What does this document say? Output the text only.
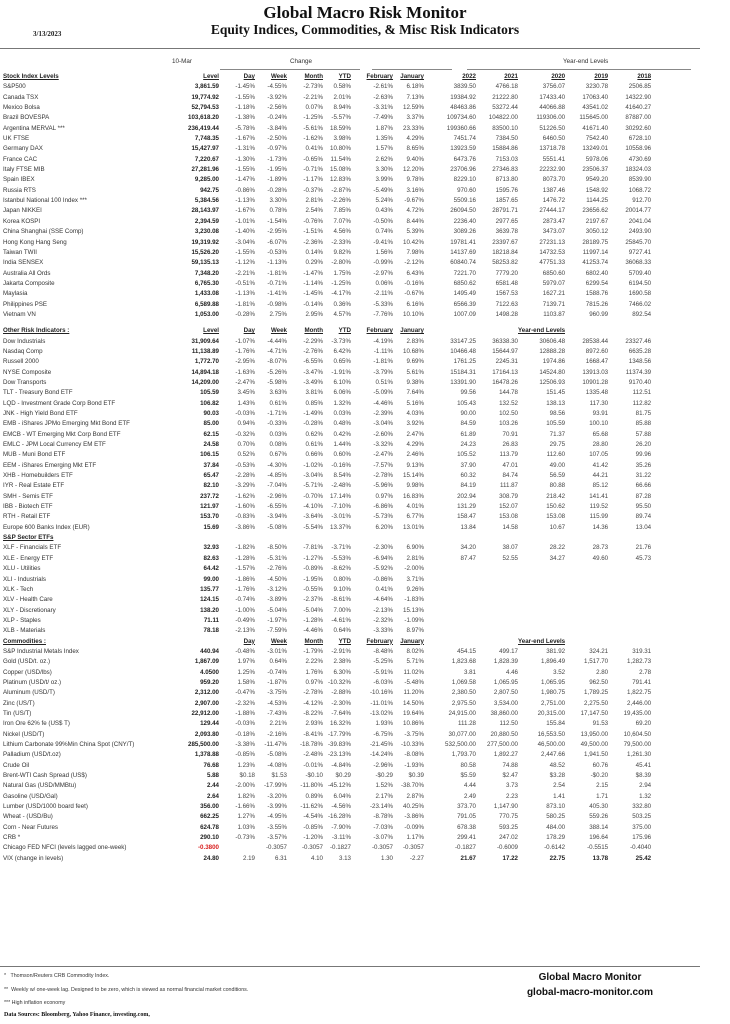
Global Macro Risk Monitor
Equity Indices, Commodities, & Misc Risk Indicators
3/13/2023
10-Mar	Change	Year-end Levels
Stock Index Levels	Level	Day	Week	Month	YTD	February	January	2022	2021	2020	2019	2018
S&P500	3,861.59	-1.45%	-4.55%	-2.73%	0.58%	-2.61%	6.18%	3839.50	4766.18	3756.07	3230.78	2506.85
Canada TSX	19,774.92	-1.55%	-3.92%	-2.21%	2.01%	-2.63%	7.13%	19384.92	21222.80	17433.40	17063.40	14322.90
Mexico Bolsa	52,794.53	-1.18%	-2.56%	0.07%	8.94%	-3.31%	12.59%	48463.86	53272.44	44066.88	43541.02	41640.27
Brazil BOVESPA	103,618.20	-1.38%	-0.24%	-1.25%	-5.57%	-7.49%	3.37%	109734.60	104822.00	119306.00	115645.00	87887.00
Argentina MERVAL ***	236,419.44	-5.78%	-3.84%	-5.61%	18.59%	1.87%	23.33%	199360.66	83500.10	51226.50	41671.40	30292.60
UK FTSE	7,748.35	-1.67%	-2.50%	-1.62%	3.98%	1.35%	4.29%	7451.74	7384.50	6460.50	7542.40	6728.10
Germany DAX	15,427.97	-1.31%	-0.97%	0.41%	10.80%	1.57%	8.65%	13923.59	15884.86	13718.78	13249.01	10558.96
France CAC	7,220.67	-1.30%	-1.73%	-0.65%	11.54%	2.62%	9.40%	6473.76	7153.03	5551.41	5978.06	4730.69
Italy FTSE MIB	27,281.96	-1.55%	-1.95%	-0.71%	15.08%	3.30%	12.20%	23706.96	27346.83	22232.90	23506.37	18324.03
Spain IBEX	9,285.00	-1.47%	-1.89%	-1.17%	12.83%	3.99%	9.78%	8229.10	8713.80	8073.70	9549.20	8539.90
Russia RTS	942.75	-0.86%	-0.28%	-0.37%	-2.87%	-5.49%	3.16%	970.60	1595.76	1387.46	1548.92	1068.72
Istanbul National 100 Index ***	5,384.56	-1.13%	3.30%	2.81%	-2.26%	5.24%	-9.67%	5509.16	1857.65	1476.72	1144.25	912.70
Japan NIKKEI	28,143.97	-1.67%	0.78%	2.54%	7.85%	0.43%	4.72%	26094.50	28791.71	27444.17	23656.62	20014.77
Korea KOSPI	2,394.59	-1.01%	-1.54%	-0.76%	7.07%	-0.50%	8.44%	2236.40	2977.65	2873.47	2197.67	2041.04
China Shanghai (SSE Comp)	3,230.08	-1.40%	-2.95%	-1.51%	4.56%	0.74%	5.39%	3089.26	3639.78	3473.07	3050.12	2493.90
Hong Kong Hang Seng	19,319.92	-3.04%	-6.07%	-2.36%	-2.33%	-9.41%	10.42%	19781.41	23397.67	27231.13	28189.75	25845.70
Taiwan TWII	15,526.20	-1.55%	-0.53%	0.14%	9.82%	1.56%	7.98%	14137.69	18218.84	14732.53	11997.14	9727.41
India SENSEX	59,135.13	-1.12%	-1.13%	0.29%	-2.80%	-0.99%	-2.12%	60840.74	58253.82	47751.33	41253.74	36068.33
Australia All Ords	7,348.20	-2.21%	-1.81%	-1.47%	1.75%	-2.97%	6.43%	7221.70	7779.20	6850.60	6802.40	5709.40
Jakarta Composite	6,765.30	-0.51%	-0.71%	-1.14%	-1.25%	0.06%	-0.16%	6850.62	6581.48	5979.07	6299.54	6194.50
Maylasia	1,433.08	-1.13%	-1.41%	-1.45%	-4.17%	-2.11%	-0.67%	1495.49	1567.53	1627.21	1588.76	1690.58
Philippines PSE	6,589.88	-1.81%	-0.98%	-0.14%	0.36%	-5.33%	6.16%	6566.39	7122.63	7139.71	7815.26	7466.02
Vietnam VN	1,053.00	-0.28%	2.75%	2.95%	4.57%	-7.76%	10.10%	1007.09	1498.28	1103.87	960.99	892.54

Other Risk Indicators :	Level	Day	Week	Month	YTD	February	January			Year-end Levels		
Dow Industrials	31,909.64	-1.07%	-4.44%	-2.29%	-3.73%	-4.19%	2.83%	33147.25	36338.30	30606.48	28538.44	23327.46
Nasdaq Comp	11,138.89	-1.76%	-4.71%	-2.76%	6.42%	-1.11%	10.68%	10466.48	15644.97	12888.28	8972.60	6635.28
Russell 2000	1,772.70	-2.95%	-8.07%	-6.55%	0.65%	-1.81%	9.69%	1761.25	2245.31	1974.86	1668.47	1348.56
NYSE Composite	14,894.18	-1.63%	-5.26%	-3.47%	-1.91%	-3.79%	5.61%	15184.31	17164.13	14524.80	13913.03	11374.39
Dow Transports	14,209.00	-2.47%	-5.98%	-3.49%	6.10%	0.51%	9.38%	13391.90	16478.26	12506.93	10901.28	9170.40
TLT - Treasury Bond ETF	105.59	3.45%	3.63%	3.81%	6.06%	-5.09%	7.64%	99.56	144.78	151.45	1335.48	112.51
LQD - Investment Grade Corp Bond ETF	106.82	1.43%	0.61%	0.85%	1.32%	-4.46%	5.16%	105.43	132.52	138.13	117.30	112.82
JNK - High Yield Bond ETF	90.03	-0.03%	-1.71%	-1.49%	0.03%	-2.39%	4.03%	90.00	102.50	98.56	93.91	81.75
EMB - iShares JPMo Emerging Mkt Bond ETF	85.00	0.94%	-0.33%	-0.28%	0.48%	-3.04%	3.92%	84.59	103.26	105.59	100.10	85.88
EMCB - WT Emerging Mkt Corp Bond ETF	62.15	-0.32%	0.03%	0.62%	0.42%	-2.60%	2.47%	61.89	70.91	71.37	65.68	57.88
EMLC - JPM Local Currency EM ETF	24.58	0.70%	0.08%	0.61%	1.44%	-3.32%	4.29%	24.23	26.83	29.75	28.80	26.20
MUB - Muni Bond ETF	106.15	0.52%	0.67%	0.66%	0.60%	-2.47%	2.46%	105.52	113.79	112.60	107.05	99.96
EEM - iShares Emerging Mkt ETF	37.84	-0.53%	-4.30%	-1.02%	-0.16%	-7.57%	9.13%	37.90	47.01	49.00	41.42	35.26
XHB - Homebuilders ETF	65.47	-2.28%	-4.85%	-3.04%	8.54%	-2.78%	15.14%	60.32	84.74	56.59	44.21	31.22
IYR - Real Estate ETF	82.10	-3.29%	-7.04%	-5.71%	-2.48%	-5.96%	9.98%	84.19	111.87	80.88	85.12	66.66
SMH - Semis ETF	237.72	-1.62%	-2.96%	-0.70%	17.14%	0.97%	16.83%	202.94	308.79	218.42	141.41	87.28
IBB - Biotech ETF	121.97	-1.60%	-6.55%	-4.10%	-7.10%	-6.86%	4.01%	131.29	152.07	150.62	119.52	95.50
RTH - Retail ETF	153.70	-0.83%	-3.94%	-3.64%	-3.01%	-5.73%	6.77%	158.47	153.08	153.08	115.99	89.74
Europe 600 Banks Index (EUR)	15.69	-3.86%	-5.08%	-5.54%	13.37%	6.20%	13.01%	13.84	14.58	10.67	14.36	13.04
S&P Sector ETFs												
XLF - Financials ETF	32.93	-1.82%	-8.50%	-7.81%	-3.71%	-2.30%	6.90%	34.20	38.07	28.22	28.73	21.76
XLE - Energy ETF	82.63	-1.28%	-5.31%	-1.27%	-5.53%	-6.94%	2.81%	87.47	52.55	34.27	49.60	45.73
XLU - Utilities	64.42	-1.57%	-2.76%	-0.89%	-8.62%	-5.92%	-2.00%					
XLI - Industrials	99.00	-1.86%	-4.50%	-1.95%	0.80%	-0.86%	3.71%					
XLK - Tech	135.77	-1.76%	-3.12%	-0.55%	9.10%	0.41%	9.26%					
XLV - Health Care	124.15	-0.74%	-3.89%	-2.37%	-8.61%	-4.64%	-1.83%					
XLY - Discretionary	138.20	-1.00%	-5.04%	-5.04%	7.00%	-2.13%	15.13%					
XLP - Staples	71.11	-0.49%	-1.97%	-1.28%	-4.61%	-2.32%	-1.09%					
XLB - Materials	78.18	-2.13%	-7.59%	-4.46%	0.64%	-3.33%	8.97%					
Commodities :		Day	Week	Month	YTD	February	January			Year-end Levels		
S&P Industrial Metals Index	440.94	-0.48%	-3.01%	-1.79%	-2.91%	-8.48%	8.02%	454.15	499.17	381.92	324.21	319.31
Gold (USD/t. oz.)	1,867.09	1.97%	0.64%	2.22%	2.38%	-5.25%	5.71%	1,823.68	1,828.39	1,896.49	1,517.70	1,282.73
Copper (USD/lbs)	4.0500	1.25%	-0.74%	1.76%	6.30%	-5.91%	11.02%	3.81	4.46	3.52	2.80	2.78
Platinum (USD/t/ oz.)	959.20	1.58%	-1.87%	0.97%	-10.32%	-6.03%	-5.48%	1,069.58	1,065.95	1,065.95	962.50	791.41
Aluminum (USD/T)	2,312.00	-0.47%	-3.75%	-2.78%	-2.88%	-10.16%	11.20%	2,380.50	2,807.50	1,980.75	1,789.25	1,822.75
Zinc (US/T)	2,907.00	-2.32%	-4.53%	-4.12%	-2.30%	-11.01%	14.50%	2,975.50	3,534.00	2,751.00	2,275.50	2,446.00
Tin (US/T)	22,912.00	-1.88%	-7.43%	-8.22%	-7.64%	-13.02%	19.64%	24,915.00	38,860.00	20,315.00	17,147.50	19,435.00
Iron Ore 62% fe (US$ T)	129.44	-0.03%	2.21%	2.93%	16.32%	1.93%	10.86%	111.28	112.50	155.84	91.53	69.20
Nickel (USD/T)	2,093.80	-0.18%	-2.16%	-8.41%	-17.79%	-6.75%	-3.75%	30,077.00	20,880.50	16,553.50	13,950.00	10,604.50
Lithium Carbonate 99%Min China Spot (CNY/T)	285,500.00	-3.38%	-11.47%	-18.78%	-39.83%	-21.45%	-10.33%	532,500.00	277,500.00	46,500.00	49,500.00	79,500.00
Palladium (USD/t.oz)	1,378.88	-0.85%	-5.08%	-2.48%	-23.13%	-14.24%	-8.08%	1,793.70	1,892.27	2,447.66	1,941.50	1,261.30
Crude Oil	76.68	1.23%	-4.08%	-0.01%	-4.84%	-2.96%	-1.93%	80.58	74.88	48.52	60.76	45.41
Brent-WTI Cash Spread (US$)	5.88	$0.18	$1.53	-$0.10	$0.29	-$0.29	$0.39	$5.59	$2.47	$3.28	-$0.20	$8.39
Natural Gas (USD/MMBtu)	2.44	-2.00%	-17.99%	-11.80%	-45.12%	1.52%	-38.70%	4.44	3.73	2.54	2.15	2.94
Gasoline (USD/Gal)	2.64	1.82%	-3.20%	0.89%	6.04%	2.17%	2.87%	2.49	2.23	1.41	1.71	1.32
Lumber (USD/1000 board feet)	356.00	-1.66%	-3.99%	-11.62%	-4.56%	-23.14%	40.25%	373.70	1,147.90	873.10	405.30	332.80
Wheat - (USD/Bu)	662.25	1.27%	-4.95%	-4.54%	-16.28%	-8.78%	-3.86%	791.05	770.75	580.25	559.26	503.25
Corn - Near Futures	624.78	1.03%	-3.55%	-0.85%	-7.90%	-7.03%	-0.09%	678.38	593.25	484.00	388.14	375.00
CRB *	290.10	-0.73%	-3.57%	-1.20%	-3.11%	-3.07%	1.17%	299.41	247.02	178.29	196.64	175.96
Chicago FED NFCI (levels lagged one-week)	-0.3800		-0.3057	-0.3057	-0.1827	-0.3057	-0.3057	-0.1827	-0.6009	-0.6142	-0.5515	-0.4040
VIX (change in levels)	24.80	2.19	6.31	4.10	3.13	1.30	-2.27	21.67	17.22	22.75	13.78	25.42
* Thomson/Reuters CRB Commodity Index.
** Weekly w/ one-week lag. Designed to be zero, which is viewed as normal financial market conditions.
*** High inflation economy
Data Sources: Bloomberg, Yahoo Finance, investing.com,
Global Macro Monitor
global-macro-monitor.com
